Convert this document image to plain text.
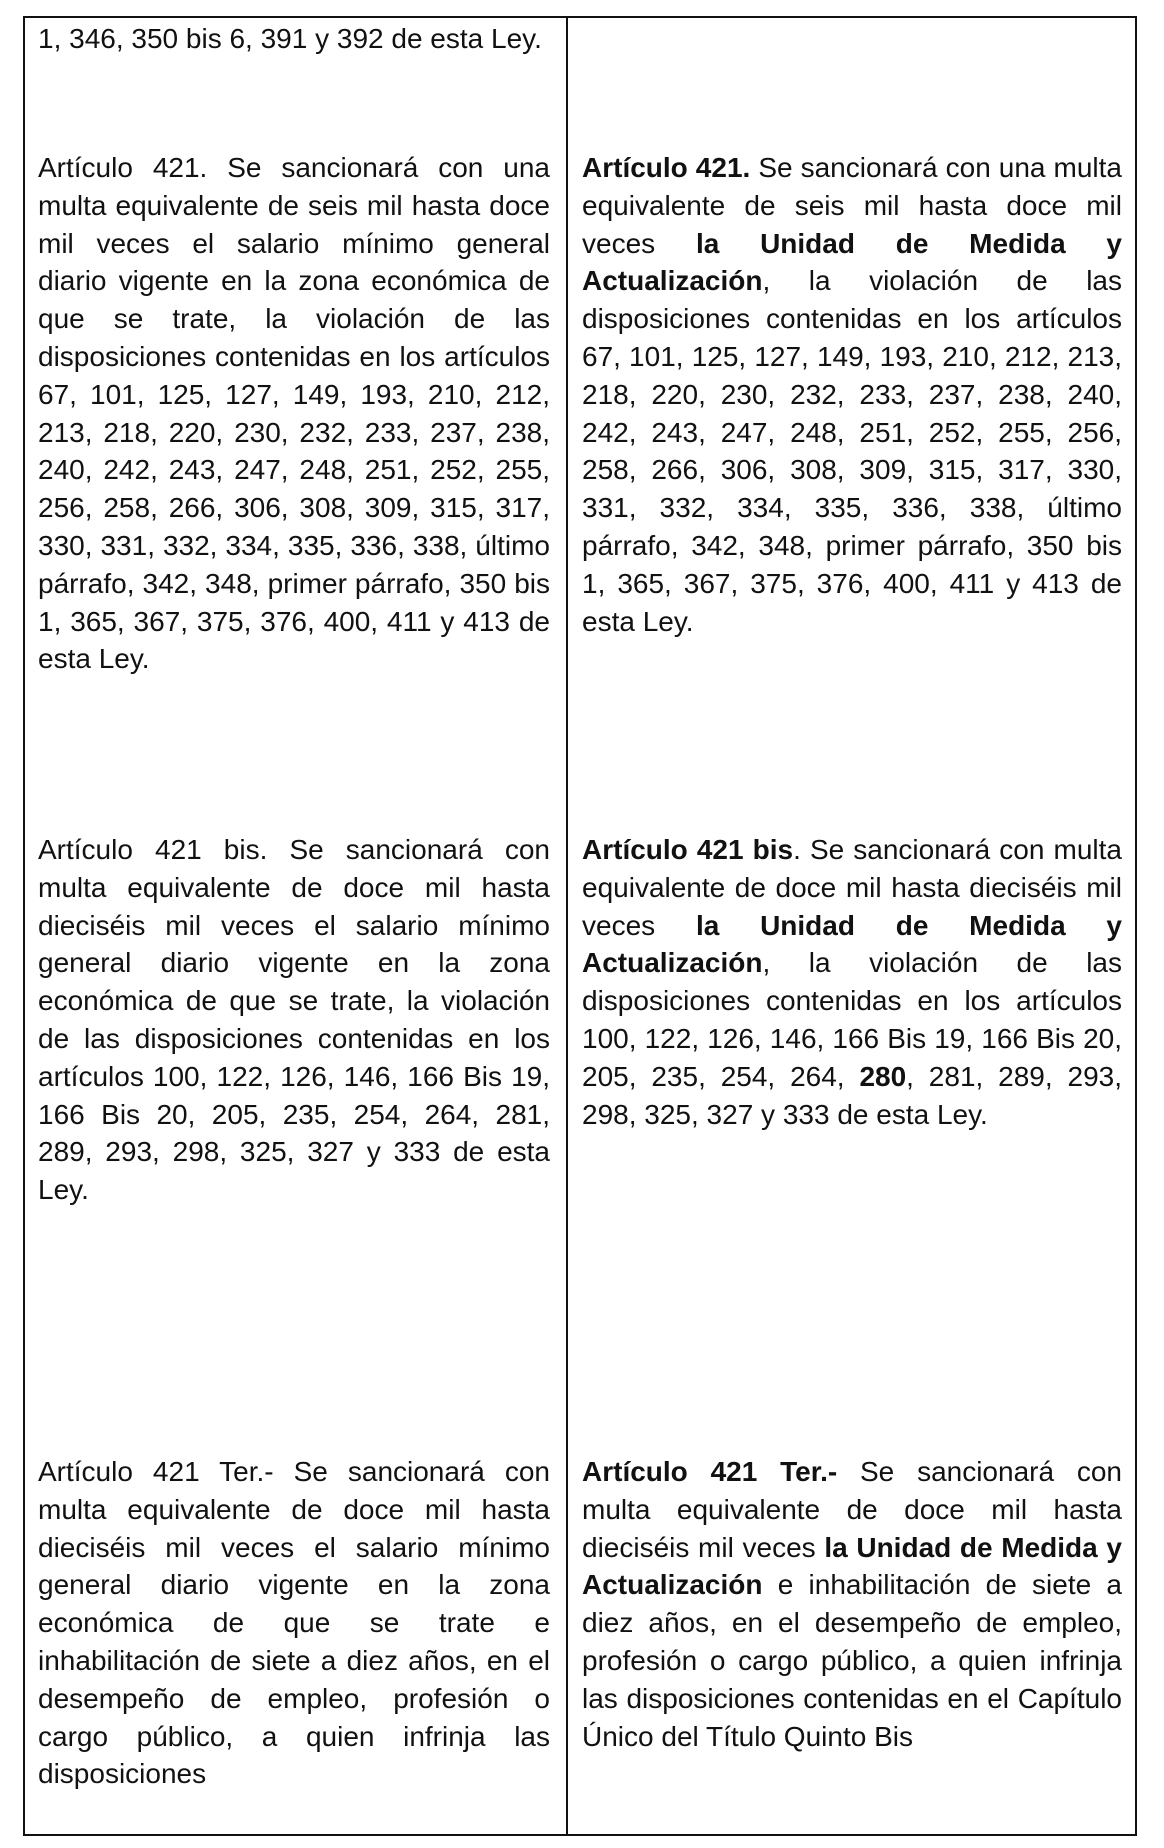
1, 346, 350 bis 6, 391 y 392 de esta Ley.

Artículo 421. Se sancionará con una multa equivalente de seis mil hasta doce mil veces el salario mínimo general diario vigente en la zona económica de que se trate, la violación de las disposiciones contenidas en los artículos 67, 101, 125, 127, 149, 193, 210, 212, 213, 218, 220, 230, 232, 233, 237, 238, 240, 242, 243, 247, 248, 251, 252, 255, 256, 258, 266, 306, 308, 309, 315, 317, 330, 331, 332, 334, 335, 336, 338, último párrafo, 342, 348, primer párrafo, 350 bis 1, 365, 367, 375, 376, 400, 411 y 413 de esta Ley.

Artículo 421. Se sancionará con una multa equivalente de seis mil hasta doce mil veces la Unidad de Medida y Actualización, la violación de las disposiciones contenidas en los artículos 67, 101, 125, 127, 149, 193, 210, 212, 213, 218, 220, 230, 232, 233, 237, 238, 240, 242, 243, 247, 248, 251, 252, 255, 256, 258, 266, 306, 308, 309, 315, 317, 330, 331, 332, 334, 335, 336, 338, último párrafo, 342, 348, primer párrafo, 350 bis 1, 365, 367, 375, 376, 400, 411 y 413 de esta Ley.

Artículo 421 bis. Se sancionará con multa equivalente de doce mil hasta dieciséis mil veces el salario mínimo general diario vigente en la zona económica de que se trate, la violación de las disposiciones contenidas en los artículos 100, 122, 126, 146, 166 Bis 19, 166 Bis 20, 205, 235, 254, 264, 281, 289, 293, 298, 325, 327 y 333 de esta Ley.

Artículo 421 bis. Se sancionará con multa equivalente de doce mil hasta dieciséis mil veces la Unidad de Medida y Actualización, la violación de las disposiciones contenidas en los artículos 100, 122, 126, 146, 166 Bis 19, 166 Bis 20, 205, 235, 254, 264, 280, 281, 289, 293, 298, 325, 327 y 333 de esta Ley.

Artículo 421 Ter.- Se sancionará con multa equivalente de doce mil hasta dieciséis mil veces el salario mínimo general diario vigente en la zona económica de que se trate e inhabilitación de siete a diez años, en el desempeño de empleo, profesión o cargo público, a quien infrinja las disposiciones

Artículo 421 Ter.- Se sancionará con multa equivalente de doce mil hasta dieciséis mil veces la Unidad de Medida y Actualización e inhabilitación de siete a diez años, en el desempeño de empleo, profesión o cargo público, a quien infrinja las disposiciones contenidas en el Capítulo Único del Título Quinto Bis
